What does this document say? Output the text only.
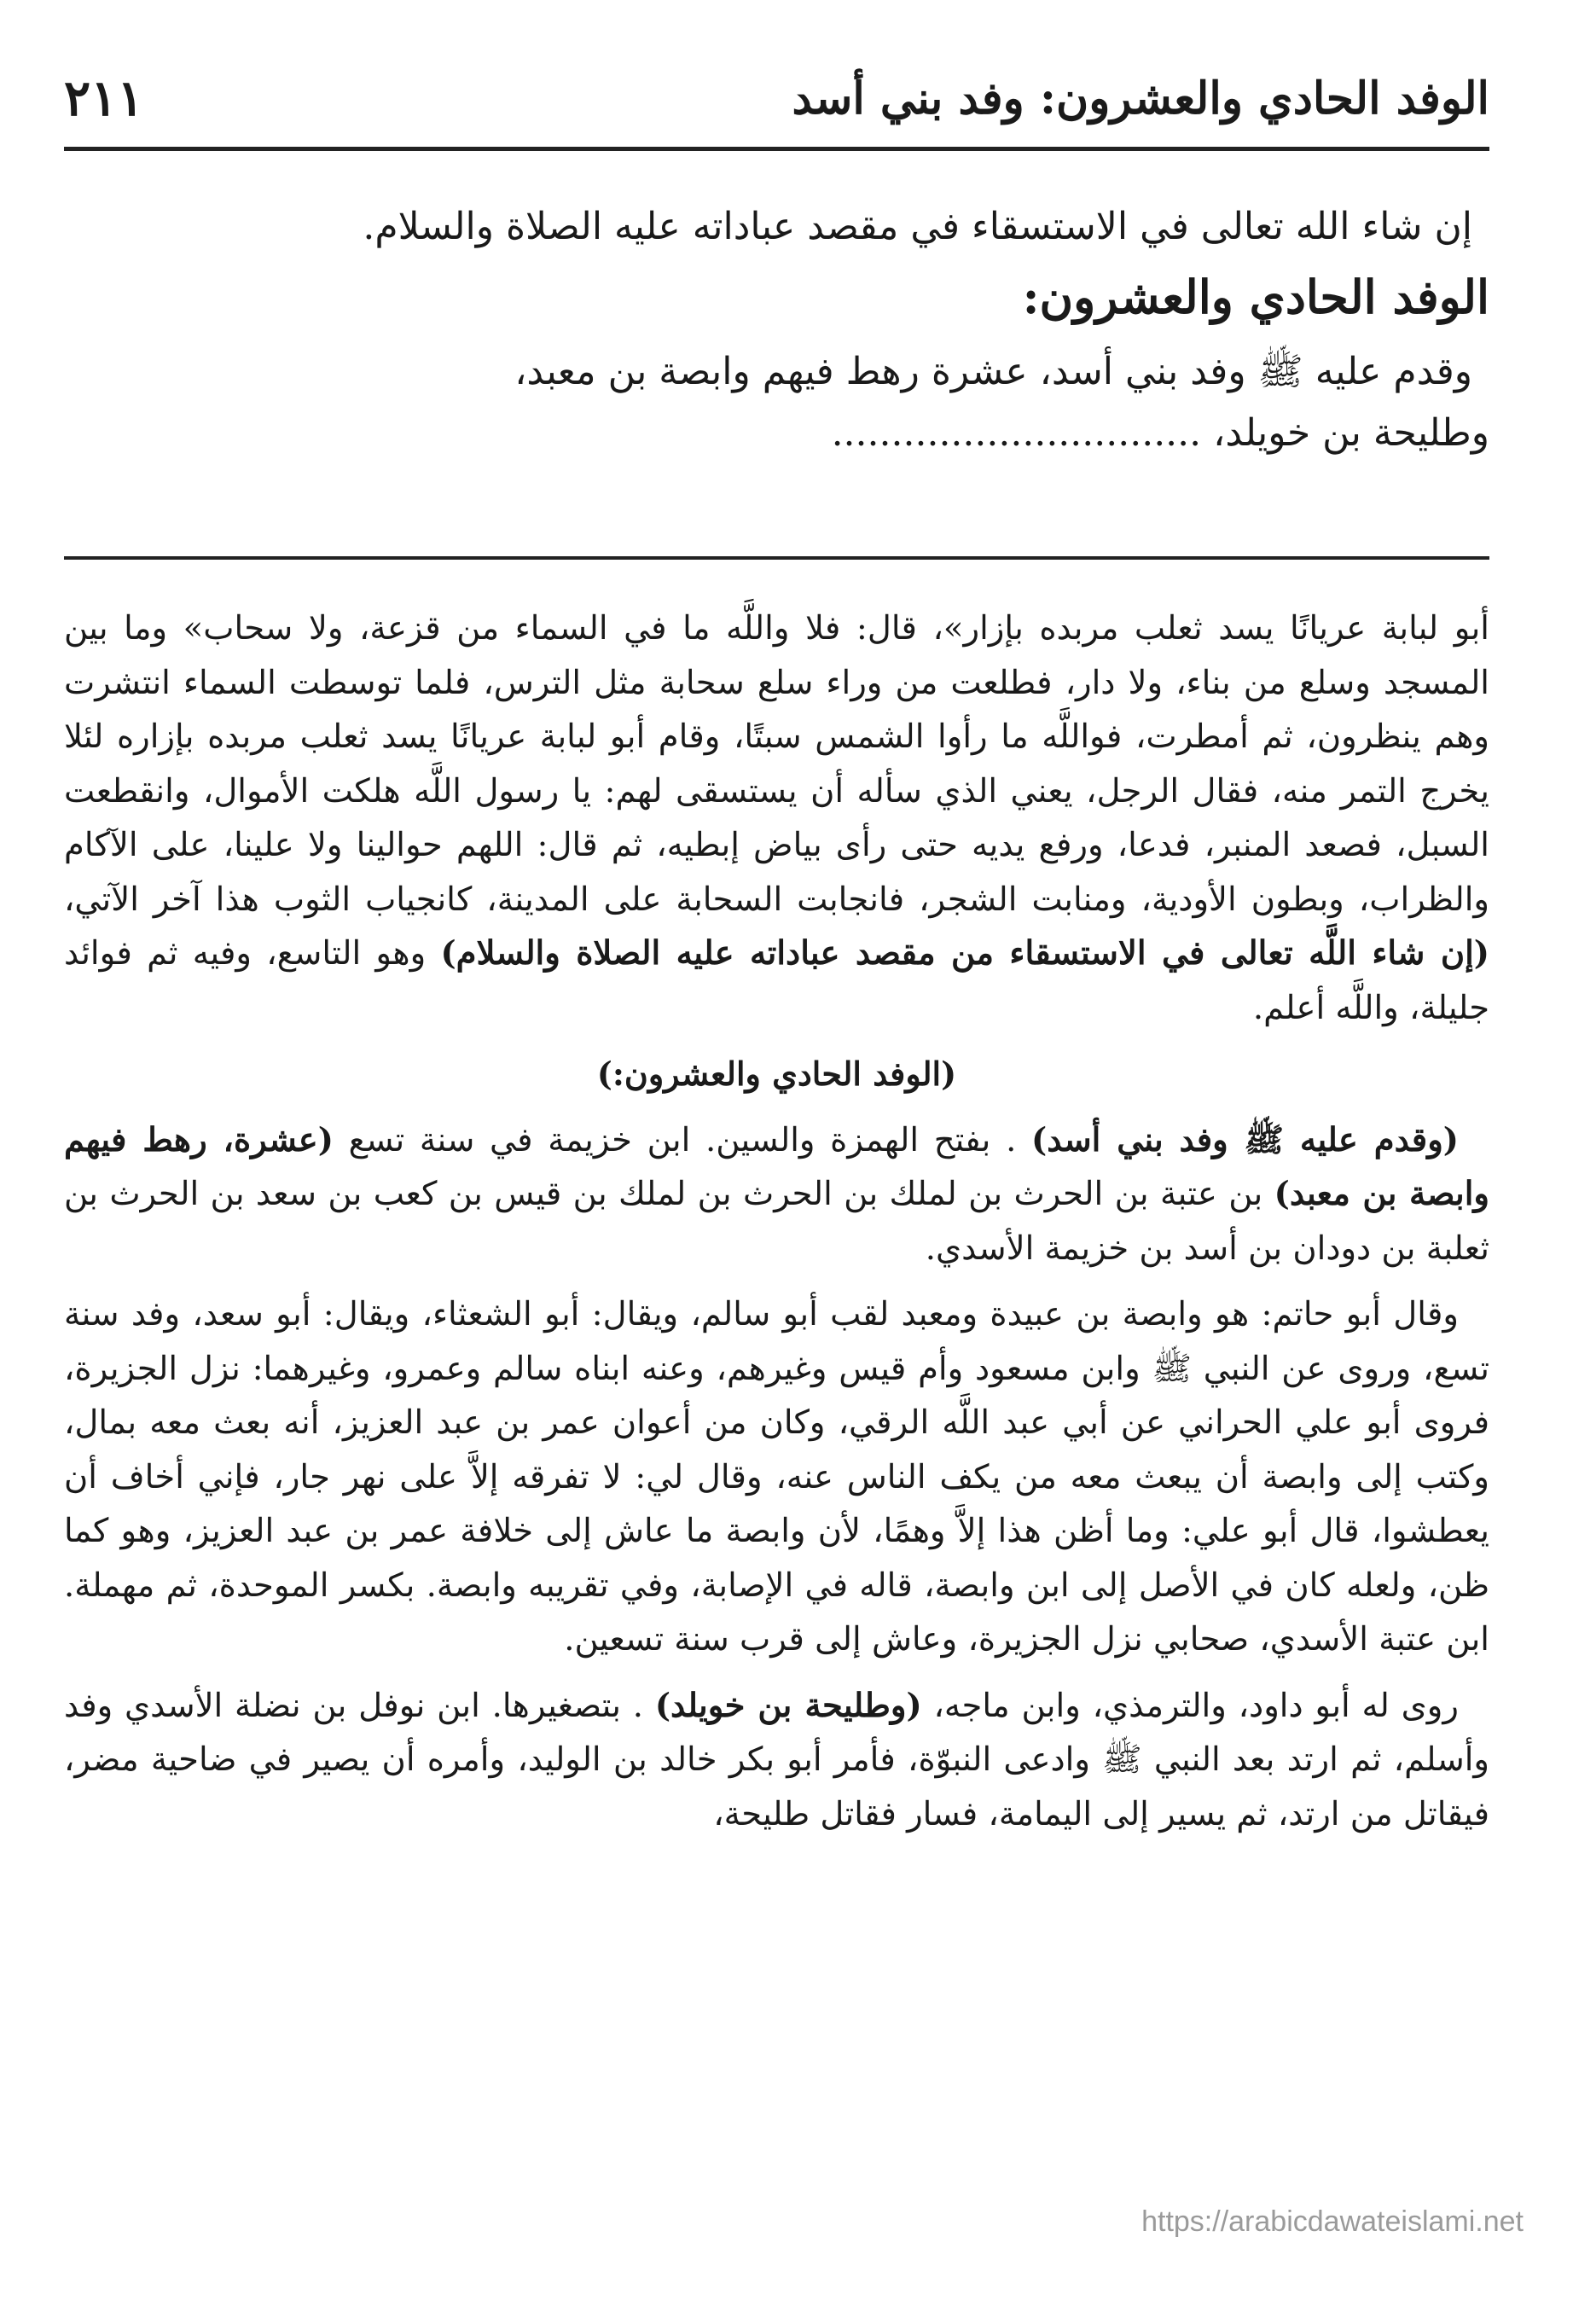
الوفد الحادي والعشرون: وفد بني أسد
٢١١

إن شاء الله تعالى في الاستسقاء في مقصد عباداته عليه الصلاة والسلام.

الوفد الحادي والعشرون:

وقدم عليه ﷺ وفد بني أسد، عشرة رهط فيهم وابصة بن معبد،

وطليحة بن خويلد، ...............................

أبو لبابة عريانًا يسد ثعلب مربده بإزار»، قال: فلا واللَّه ما في السماء من قزعة، ولا سحاب» وما بين المسجد وسلع من بناء، ولا دار، فطلعت من وراء سلع سحابة مثل الترس، فلما توسطت السماء انتشرت وهم ينظرون، ثم أمطرت، فواللَّه ما رأوا الشمس سبتًا، وقام أبو لبابة عريانًا يسد ثعلب مربده بإزاره لئلا يخرج التمر منه، فقال الرجل، يعني الذي سأله أن يستسقى لهم: يا رسول اللَّه هلكت الأموال، وانقطعت السبل، فصعد المنبر، فدعا، ورفع يديه حتى رأى بياض إبطيه، ثم قال: اللهم حوالينا ولا علينا، على الآكام والظراب، وبطون الأودية، ومنابت الشجر، فانجابت السحابة على المدينة، كانجياب الثوب هذا آخر الآتي، (إن شاء اللَّه تعالى في الاستسقاء من مقصد عباداته عليه الصلاة والسلام) وهو التاسع، وفيه ثم فوائد جليلة، واللَّه أعلم.

(الوفد الحادي والعشرون:)

(وقدم عليه ﷺ وفد بني أسد) . بفتح الهمزة والسين. ابن خزيمة في سنة تسع (عشرة، رهط فيهم وابصة بن معبد) بن عتبة بن الحرث بن لملك بن الحرث بن لملك بن قيس بن كعب بن سعد بن الحرث بن ثعلبة بن دودان بن أسد بن خزيمة الأسدي.

وقال أبو حاتم: هو وابصة بن عبيدة ومعبد لقب أبو سالم، ويقال: أبو الشعثاء، ويقال: أبو سعد، وفد سنة تسع، وروى عن النبي ﷺ وابن مسعود وأم قيس وغيرهم، وعنه ابناه سالم وعمرو، وغيرهما: نزل الجزيرة، فروى أبو علي الحراني عن أبي عبد اللَّه الرقي، وكان من أعوان عمر بن عبد العزيز، أنه بعث معه بمال، وكتب إلى وابصة أن يبعث معه من يكف الناس عنه، وقال لي: لا تفرقه إلاَّ على نهر جار، فإني أخاف أن يعطشوا، قال أبو علي: وما أظن هذا إلاَّ وهمًا، لأن وابصة ما عاش إلى خلافة عمر بن عبد العزيز، وهو كما ظن، ولعله كان في الأصل إلى ابن وابصة، قاله في الإصابة، وفي تقريبه وابصة. بكسر الموحدة، ثم مهملة. ابن عتبة الأسدي، صحابي نزل الجزيرة، وعاش إلى قرب سنة تسعين.

روى له أبو داود، والترمذي، وابن ماجه، (وطليحة بن خويلد) . بتصغيرها. ابن نوفل بن نضلة الأسدي وفد وأسلم، ثم ارتد بعد النبي ﷺ وادعى النبوّة، فأمر أبو بكر خالد بن الوليد، وأمره أن يصير في ضاحية مضر، فيقاتل من ارتد، ثم يسير إلى اليمامة، فسار فقاتل طليحة،

https://arabicdawateislami.net
